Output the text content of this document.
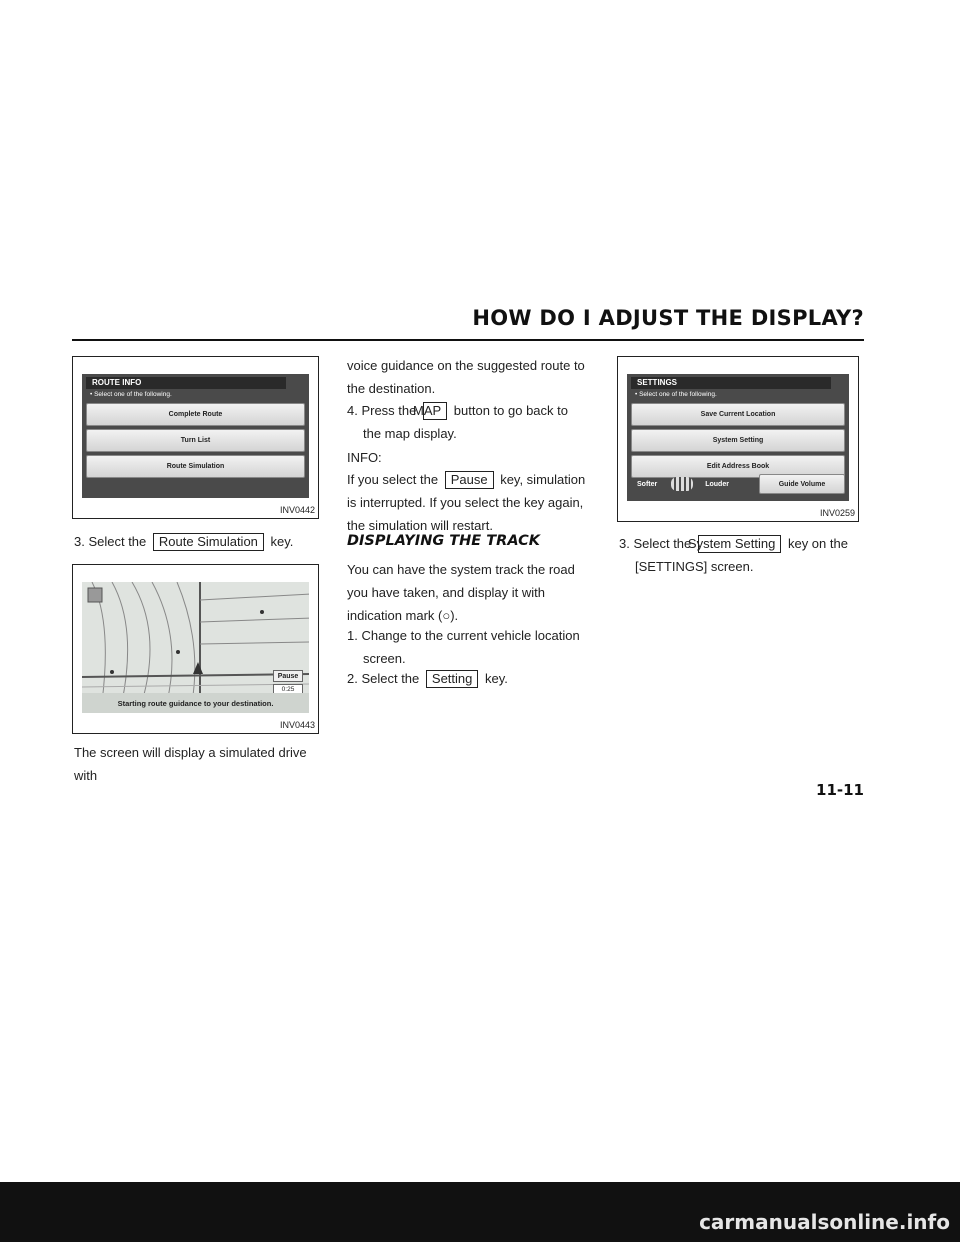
HOW DO I ADJUST THE DISPLAY?
ROUTE INFO
• Select one of the following.
Complete Route
Turn List
Route Simulation
INV0442
3. Select the Route Simulation key.
Pause
0:25
Starting route guidance to your destination.
INV0443
The screen will display a simulated drive with
voice guidance on the suggested route to the destination.
4. Press the MAP button to go back to the map display.
INFO:
If you select the Pause key, simulation is interrupted. If you select the key again, the simulation will restart.
DISPLAYING THE TRACK
You can have the system track the road you have taken, and display it with indication mark (○).
1. Change to the current vehicle location screen.
2. Select the Setting key.
SETTINGS
• Select one of the following.
Save Current Location
System Setting
Edit Address Book
Softer	Louder	Guide Volume
INV0259
3. Select the System Setting key on the [SETTINGS] screen.
11-11
carmanualsonline.info
